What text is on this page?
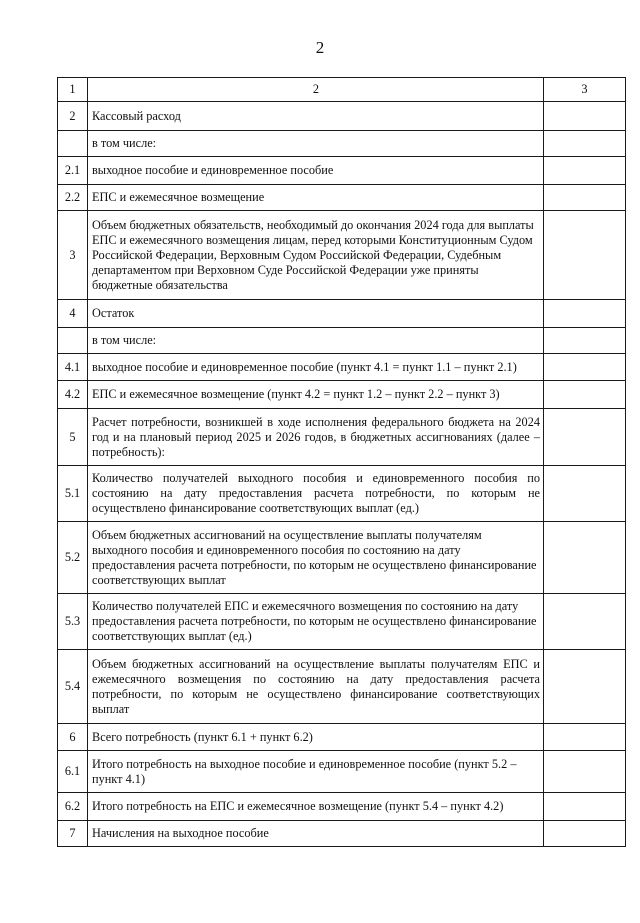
2
1	2	3
2	Кассовый расход	
	в том числе:	
2.1	выходное пособие и единовременное пособие	
2.2	ЕПС и ежемесячное возмещение	
3	Объем бюджетных обязательств, необходимый до окончания 2024 года для выплаты ЕПС и ежемесячного возмещения лицам, перед которыми Конституционным Судом Российской Федерации, Верховным Судом Российской Федерации, Судебным департаментом при Верховном Суде Российской Федерации уже приняты бюджетные обязательства	
4	Остаток	
	в том числе:	
4.1	выходное пособие и единовременное пособие (пункт 4.1 = пункт 1.1 – пункт 2.1)	
4.2	ЕПС и ежемесячное возмещение (пункт 4.2 = пункт 1.2 – пункт 2.2 – пункт 3)	
5	Расчет потребности, возникшей в ходе исполнения федерального бюджета на 2024 год и на плановый период 2025 и 2026 годов, в бюджетных ассигнованиях (далее – потребность):	
5.1	Количество получателей выходного пособия и единовременного пособия по состоянию на дату предоставления расчета потребности, по которым не осуществлено финансирование соответствующих выплат (ед.)	
5.2	Объем бюджетных ассигнований на осуществление выплаты получателям выходного пособия и единовременного пособия по состоянию на дату предоставления расчета потребности, по которым не осуществлено финансирование соответствующих выплат	
5.3	Количество получателей ЕПС и ежемесячного возмещения по состоянию на дату предоставления расчета потребности, по которым не осуществлено финансирование соответствующих выплат (ед.)	
5.4	Объем бюджетных ассигнований на осуществление выплаты получателям ЕПС и ежемесячного возмещения по состоянию на дату предоставления расчета потребности, по которым не осуществлено финансирование соответствующих выплат	
6	Всего потребность (пункт 6.1 + пункт 6.2)	
6.1	Итого потребность на выходное пособие и единовременное пособие (пункт 5.2 – пункт 4.1)	
6.2	Итого потребность на ЕПС и ежемесячное возмещение (пункт 5.4 – пункт 4.2)	
7	Начисления на выходное пособие	
